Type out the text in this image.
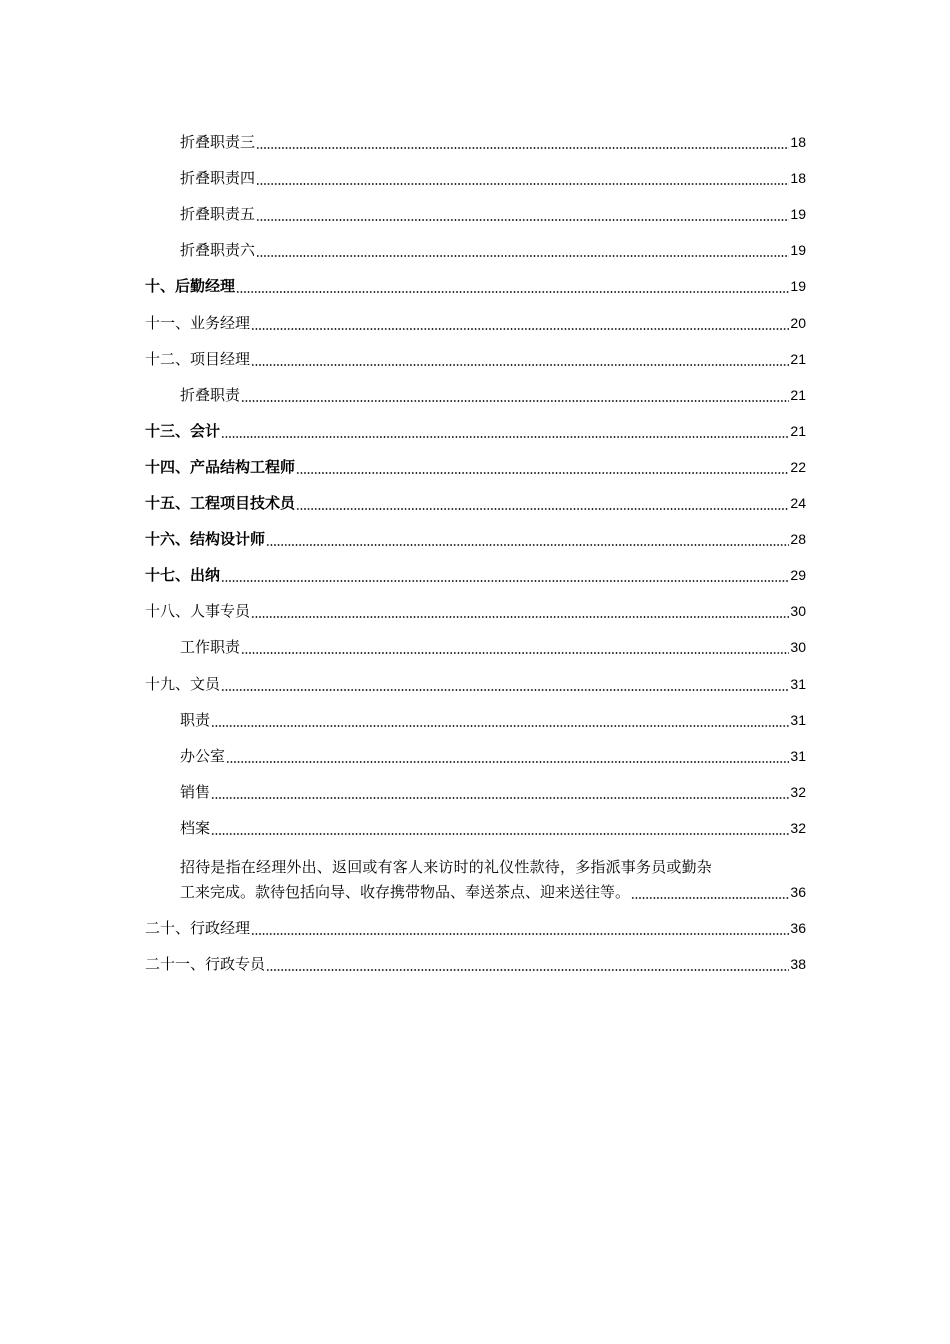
折叠职责三	18
折叠职责四	18
折叠职责五	19
折叠职责六	19
十、后勤经理	19
十一、业务经理	20
十二、项目经理	21
折叠职责	21
十三、会计	21
十四、产品结构工程师	22
十五、工程项目技术员	24
十六、结构设计师	28
十七、出纳	29
十八、人事专员	30
工作职责	30
十九、文员	31
职责	31
办公室	31
销售	32
档案	32
招待是指在经理外出、返回或有客人来访时的礼仪性款待，多指派事务员或勤杂
工来完成。款待包括向导、收存携带物品、奉送茶点、迎来送往等。	36
二十、行政经理	36
二十一、行政专员	38
